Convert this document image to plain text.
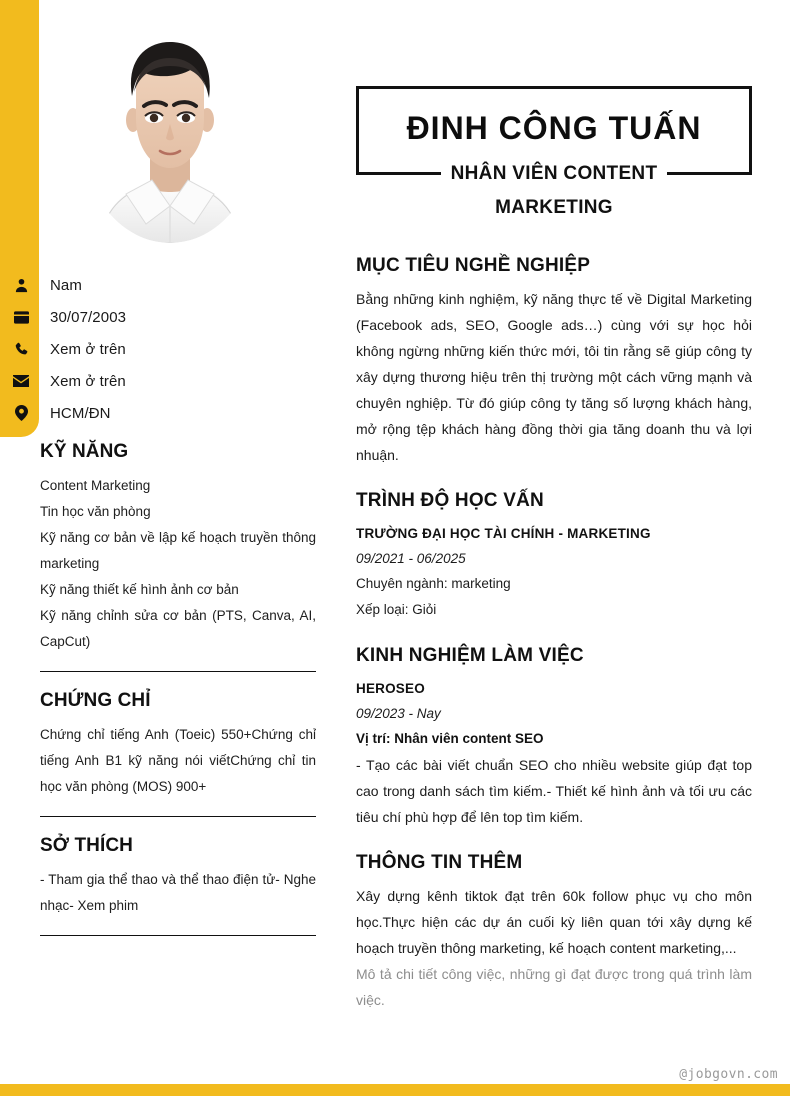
Nam
30/07/2003
Xem ở trên
Xem ở trên
HCM/ĐN
KỸ NĂNG

Content Marketing

Tin học văn phòng

Kỹ năng cơ bản về lập kế hoạch truyền thông marketing

Kỹ năng thiết kế hình ảnh cơ bản

Kỹ năng chỉnh sửa cơ bản (PTS, Canva, AI, CapCut)

CHỨNG CHỈ

Chứng chỉ tiếng Anh (Toeic) 550+Chứng chỉ tiếng Anh B1 kỹ năng nói viếtChứng chỉ tin học văn phòng (MOS) 900+

SỞ THÍCH

- Tham gia thể thao và thể thao điện tử- Nghe nhạc- Xem phim

ĐINH CÔNG TUẤN
NHÂN VIÊN CONTENT
MARKETING
MỤC TIÊU NGHỀ NGHIỆP

Bằng những kinh nghiệm, kỹ năng thực tế về Digital Marketing (Facebook ads, SEO, Google ads…) cùng với sự học hỏi không ngừng những kiến thức mới, tôi tin rằng sẽ giúp công ty xây dựng thương hiệu trên thị trường một cách vững mạnh và chuyên nghiệp. Từ đó giúp công ty tăng số lượng khách hàng, mở rộng tệp khách hàng đồng thời gia tăng doanh thu và lợi nhuận.

TRÌNH ĐỘ HỌC VẤN

TRƯỜNG ĐẠI HỌC TÀI CHÍNH - MARKETING

09/2021 - 06/2025

Chuyên ngành: marketing

Xếp loại: Giỏi

KINH NGHIỆM LÀM VIỆC

HEROSEO

09/2023 - Nay

Vị trí: Nhân viên content SEO

- Tạo các bài viết chuẩn SEO cho nhiều website giúp đạt top cao trong danh sách tìm kiếm.- Thiết kế hình ảnh và tối ưu các tiêu chí phù hợp để lên top tìm kiếm.

THÔNG TIN THÊM

Xây dựng kênh tiktok đạt trên 60k follow phục vụ cho môn học.Thực hiện các dự án cuối kỳ liên quan tới xây dựng kế hoạch truyền thông marketing, kế hoạch content marketing,...

Mô tả chi tiết công việc, những gì đạt được trong quá trình làm việc.

@jobgovn.com
